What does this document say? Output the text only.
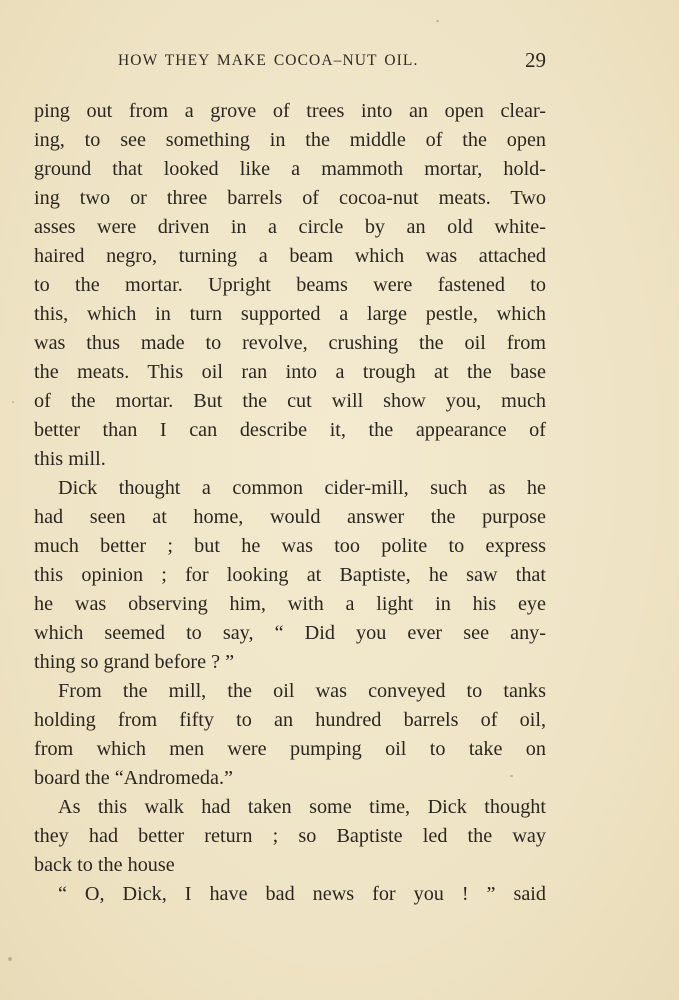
HOW THEY MAKE COCOA–NUT OIL.	29
ping out from a grove of trees into an open clear-
ing, to see something in the middle of the open
ground that looked like a mammoth mortar, hold-
ing two or three barrels of cocoa-nut meats. Two
asses were driven in a circle by an old white-
haired negro, turning a beam which was attached
to the mortar. Upright beams were fastened to
this, which in turn supported a large pestle, which
was thus made to revolve, crushing the oil from
the meats. This oil ran into a trough at the base
of the mortar. But the cut will show you, much
better than I can describe it, the appearance of
this mill.
Dick thought a common cider-mill, such as he
had seen at home, would answer the purpose
much better ; but he was too polite to express
this opinion ; for looking at Baptiste, he saw that
he was observing him, with a light in his eye
which seemed to say, “ Did you ever see any-
thing so grand before ? ”
From the mill, the oil was conveyed to tanks
holding from fifty to an hundred barrels of oil,
from which men were pumping oil to take on
board the “Andromeda.”
As this walk had taken some time, Dick thought
they had better return ; so Baptiste led the way
back to the house
“ O, Dick, I have bad news for you ! ” said
